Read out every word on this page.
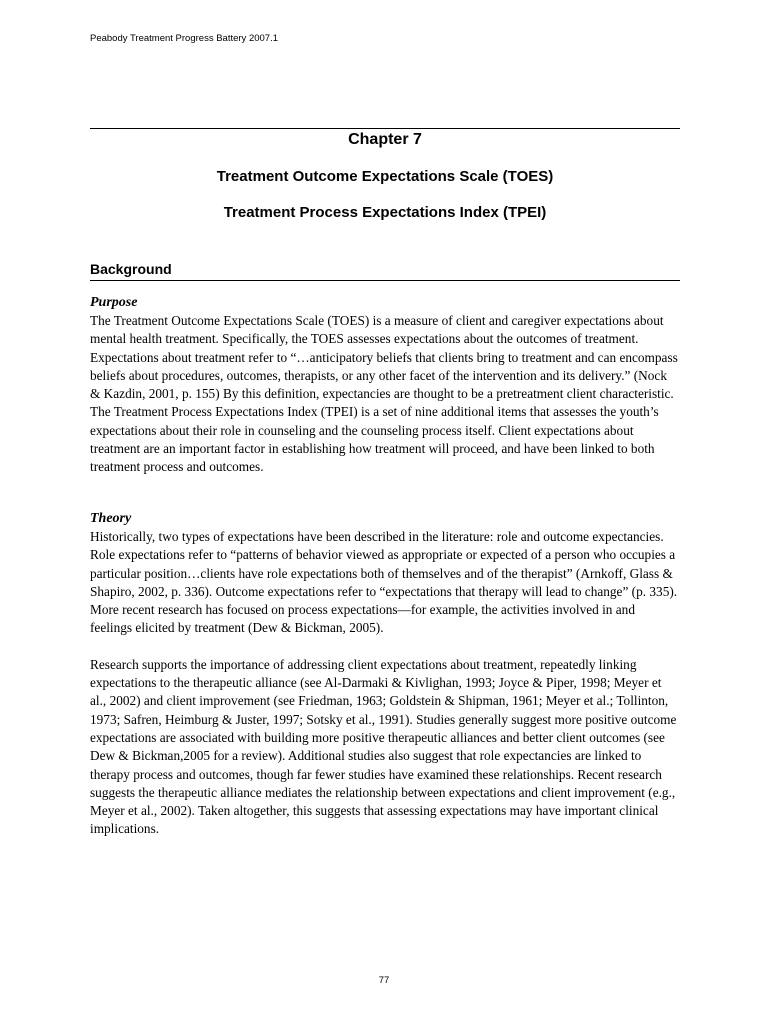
Peabody Treatment Progress Battery 2007.1
Chapter 7
Treatment Outcome Expectations Scale (TOES)
Treatment Process Expectations Index (TPEI)
Background

Purpose

The Treatment Outcome Expectations Scale (TOES) is a measure of client and caregiver expectations about mental health treatment. Specifically, the TOES assesses expectations about the outcomes of treatment. Expectations about treatment refer to “…anticipatory beliefs that clients bring to treatment and can encompass beliefs about procedures, outcomes, therapists, or any other facet of the intervention and its delivery.” (Nock & Kazdin, 2001, p. 155) By this definition, expectancies are thought to be a pretreatment client characteristic. The Treatment Process Expectations Index (TPEI) is a set of nine additional items that assesses the youth’s expectations about their role in counseling and the counseling process itself. Client expectations about treatment are an important factor in establishing how treatment will proceed, and have been linked to both treatment process and outcomes.

Theory

Historically, two types of expectations have been described in the literature: role and outcome expectancies. Role expectations refer to “patterns of behavior viewed as appropriate or expected of a person who occupies a particular position…clients have role expectations both of themselves and of the therapist” (Arnkoff, Glass & Shapiro, 2002, p. 336). Outcome expectations refer to “expectations that therapy will lead to change” (p. 335). More recent research has focused on process expectations—for example, the activities involved in and feelings elicited by treatment (Dew & Bickman, 2005).

Research supports the importance of addressing client expectations about treatment, repeatedly linking expectations to the therapeutic alliance (see Al-Darmaki & Kivlighan, 1993; Joyce & Piper, 1998; Meyer et al., 2002) and client improvement (see Friedman, 1963; Goldstein & Shipman, 1961; Meyer et al.; Tollinton, 1973; Safren, Heimburg & Juster, 1997; Sotsky et al., 1991). Studies generally suggest more positive outcome expectations are associated with building more positive therapeutic alliances and better client outcomes (see Dew & Bickman,2005 for a review). Additional studies also suggest that role expectancies are linked to therapy process and outcomes, though far fewer studies have examined these relationships. Recent research suggests the therapeutic alliance mediates the relationship between expectations and client improvement (e.g., Meyer et al., 2002). Taken altogether, this suggests that assessing expectations may have important clinical implications.

77
